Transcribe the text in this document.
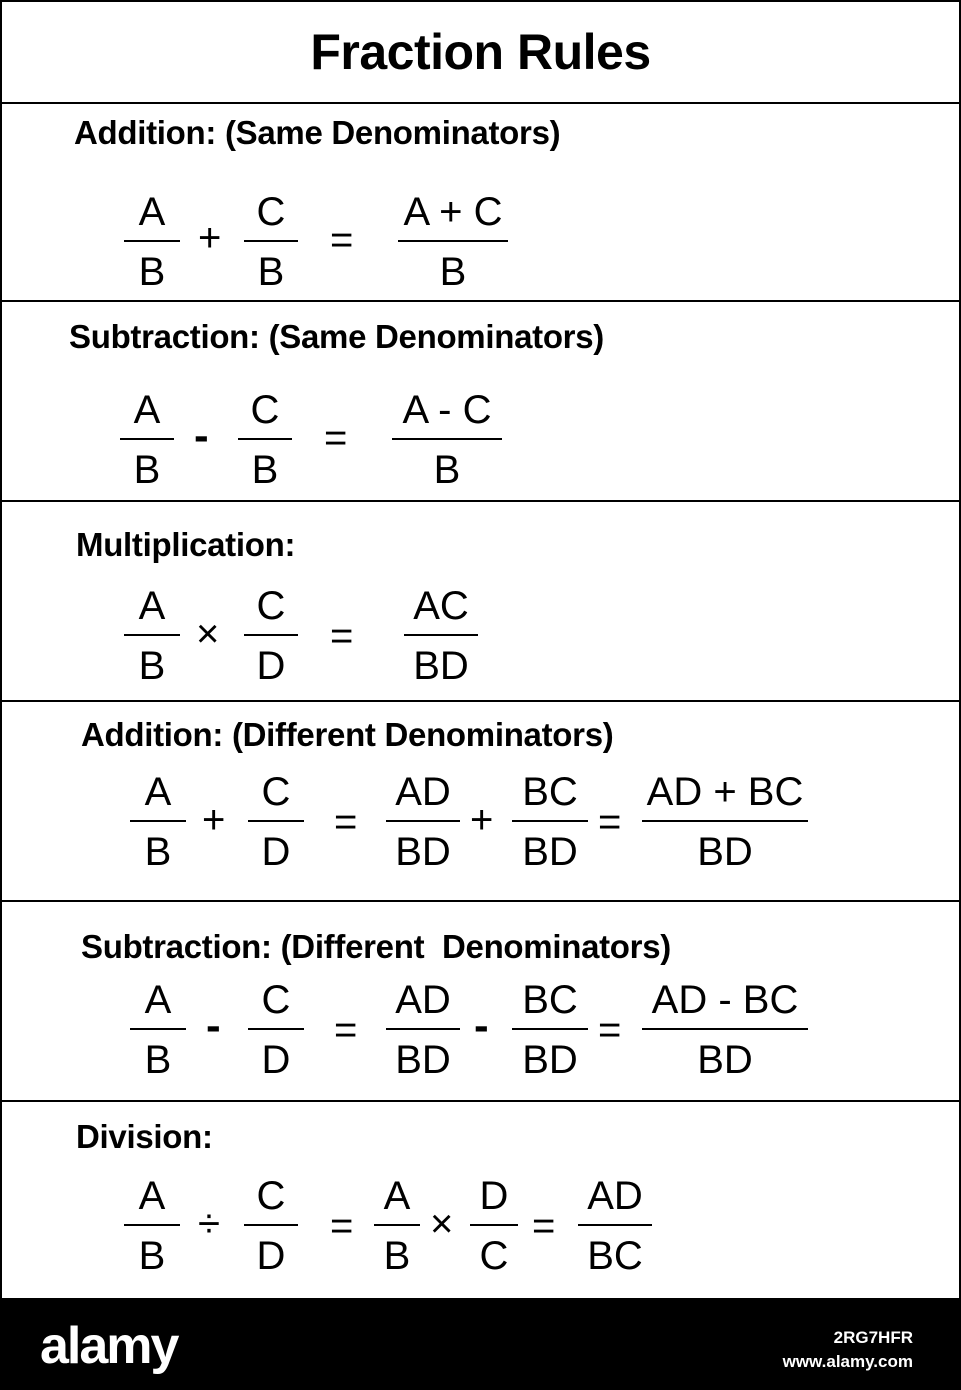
Fraction Rules
Addition: (Same Denominators)
A
B
+
C
B
=
A + C
B
Subtraction: (Same Denominators)
A
B
-
C
B
=
A - C
B
Multiplication:
A
B
×
C
D
=
AC
BD
Addition: (Different Denominators)
A
B
+
C
D
=
AD
BD
+
BC
BD
=
AD + BC
BD
Subtraction: (Different  Denominators)
A
B
-
C
D
=
AD
BD
-
BC
BD
=
AD - BC
BD
Division:
A
B
÷
C
D
=
A
B
×
D
C
=
AD
BC
alamy	2RG7HFR
www.alamy.com
